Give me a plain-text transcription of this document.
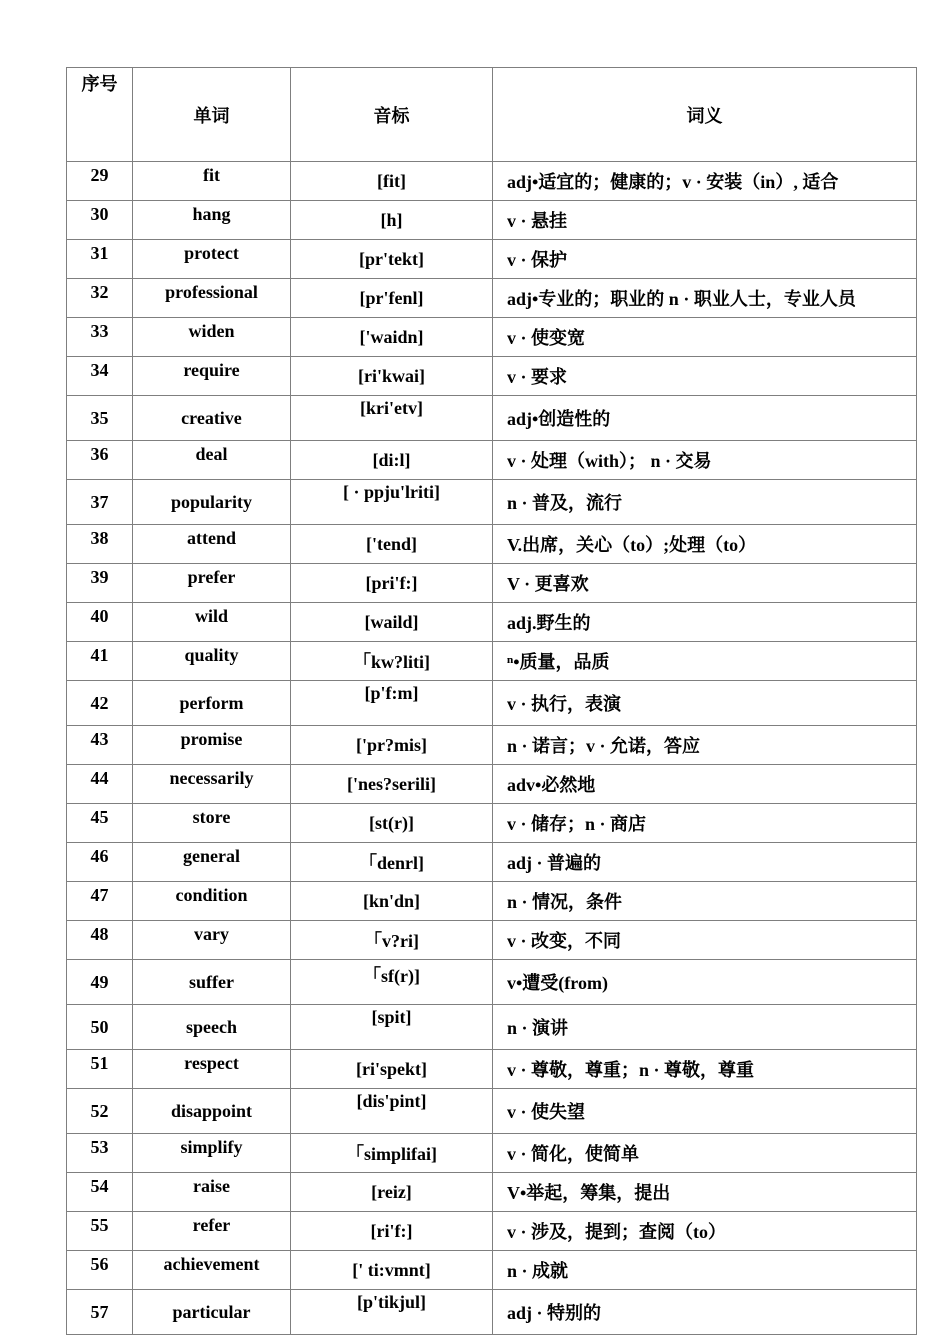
序号	单词	音标	词义
29	fit	[fit]	adj•适宜的；健康的；v · 安装（in）, 适合
30	hang	[h]	v · 悬挂
31	protect	[pr'tekt]	v · 保护
32	professional	[pr'fenl]	adj•专业的；职业的 n · 职业人士，专业人员
33	widen	['waidn]	v · 使变宽
34	require	[ri'kwai]	v · 要求
35	creative	[kri'etv]	adj•创造性的
36	deal	[di:l]	v · 处理（with）； n · 交易
37	popularity	[ · ppju'lriti]	n · 普及，流行
38	attend	['tend]	V.出席，关心（to）;处理（to）
39	prefer	[pri'f:]	V · 更喜欢
40	wild	[waild]	adj.野生的
41	quality	「kw?liti]	ⁿ•质量，品质
42	perform	[p'f:m]	v · 执行，表演
43	promise	['pr?mis]	n · 诺言；v · 允诺，答应
44	necessarily	['nes?serili]	adv•必然地
45	store	[st(r)]	v · 储存；n · 商店
46	general	「denrl]	adj · 普遍的
47	condition	[kn'dn]	n · 情况，条件
48	vary	「v?ri]	v · 改变，不同
49	suffer	「sf(r)]	v•遭受(from)
50	speech	[spit]	n · 演讲
51	respect	[ri'spekt]	v · 尊敬，尊重；n · 尊敬，尊重
52	disappoint	[dis'pint]	v · 使失望
53	simplify	「simplifai]	v · 简化，使简单
54	raise	[reiz]	V•举起，筹集，提出
55	refer	[ri'f:]	v · 涉及，提到；查阅（to）
56	achievement	[' ti:vmnt]	n · 成就
57	particular	[p'tikjul]	adj · 特别的
